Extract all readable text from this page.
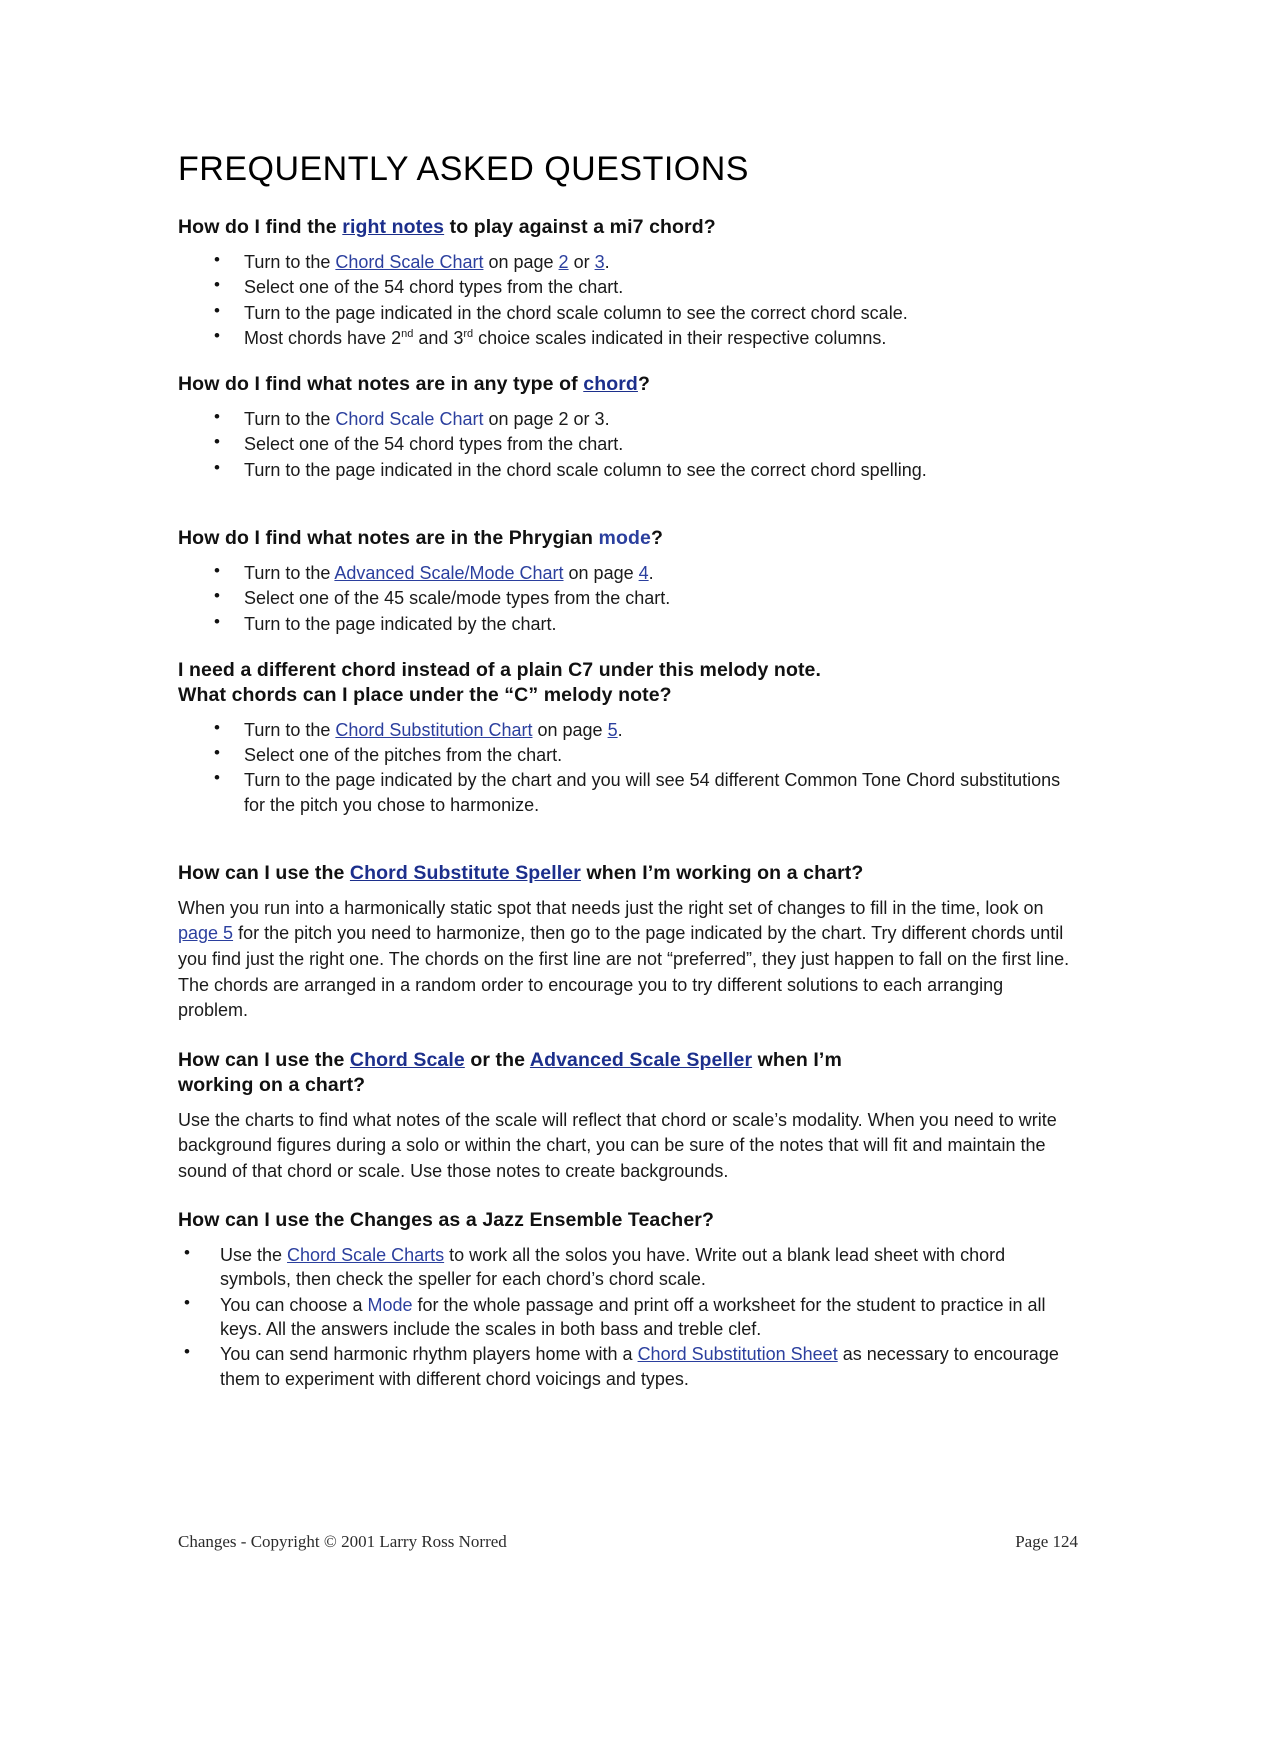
FREQUENTLY ASKED QUESTIONS
How do I find the right notes to play against a mi7 chord?
• Turn to the Chord Scale Chart on page 2 or 3.
• Select one of the 54 chord types from the chart.
• Turn to the page indicated in the chord scale column to see the correct chord scale.
• Most chords have 2nd and 3rd choice scales indicated in their respective columns.
How do I find what notes are in any type of chord?
• Turn to the Chord Scale Chart on page 2 or 3.
• Select one of the 54 chord types from the chart.
• Turn to the page indicated in the chord scale column to see the correct chord spelling.
How do I find what notes are in the Phrygian mode?
• Turn to the Advanced Scale/Mode Chart on page 4.
• Select one of the 45 scale/mode types from the chart.
• Turn to the page indicated by the chart.
I need a different chord instead of a plain C7 under this melody note.
What chords can I place under the “C” melody note?
• Turn to the Chord Substitution Chart on page 5.
• Select one of the pitches from the chart.
• Turn to the page indicated by the chart and you will see 54 different Common Tone Chord substitutions for the pitch you chose to harmonize.
How can I use the Chord Substitute Speller when I’m working on a chart?

When you run into a harmonically static spot that needs just the right set of changes to fill in the time, look on page 5 for the pitch you need to harmonize, then go to the page indicated by the chart. Try different chords until you find just the right one. The chords on the first line are not “preferred”, they just happen to fall on the first line. The chords are arranged in a random order to encourage you to try different solutions to each arranging problem.

How can I use the Chord Scale or the Advanced Scale Speller when I’m
working on a chart?

Use the charts to find what notes of the scale will reflect that chord or scale’s modality. When you need to write background figures during a solo or within the chart, you can be sure of the notes that will fit and maintain the sound of that chord or scale. Use those notes to create backgrounds.

How can I use the Changes as a Jazz Ensemble Teacher?
• Use the Chord Scale Charts to work all the solos you have. Write out a blank lead sheet with chord symbols, then check the speller for each chord’s chord scale.
• You can choose a Mode for the whole passage and print off a worksheet for the student to practice in all keys. All the answers include the scales in both bass and treble clef.
• You can send harmonic rhythm players home with a Chord Substitution Sheet as necessary to encourage them to experiment with different chord voicings and types.
Changes - Copyright © 2001 Larry Ross Norred	Page 124
